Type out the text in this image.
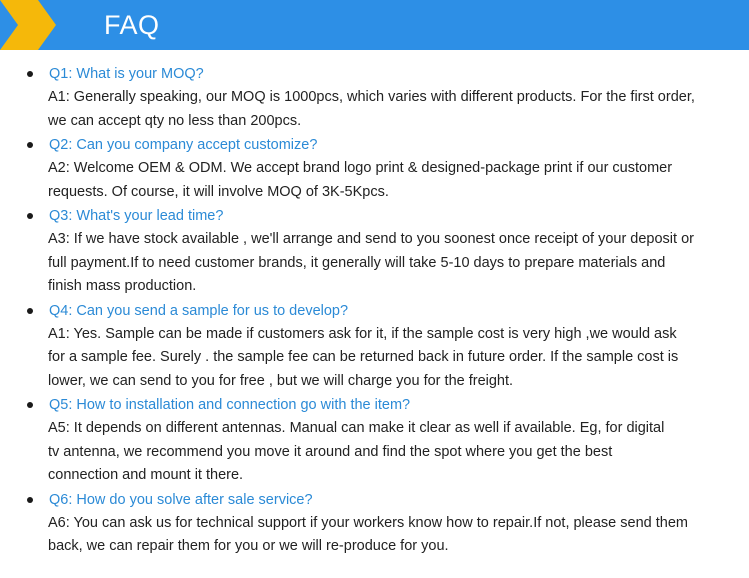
FAQ
Q1: What is your MOQ?
A1: Generally speaking, our MOQ is 1000pcs, which varies with different products. For the first order,
we can accept qty no less than 200pcs.
Q2: Can you company accept customize?
A2: Welcome OEM & ODM. We accept brand logo print & designed-package print if our customer
requests. Of course, it will involve MOQ of 3K-5Kpcs.
Q3: What's your lead time?
A3: If we have stock available , we'll arrange and send to you soonest once receipt of your deposit or
full payment.If to need customer brands, it generally will take 5-10 days to prepare materials and
finish mass production.
Q4: Can you send a sample for us to develop?
A1: Yes. Sample can be made if customers ask for it, if the sample cost is very high ,we would ask
for a sample fee. Surely . the sample fee can be returned back in future order. If the sample cost is
lower, we can send to you for free , but we will charge you for the freight.
Q5: How to installation and connection go with the item?
A5: It depends on different antennas. Manual can make it clear as well if available. Eg, for digital
tv antenna, we recommend you move it around and find the spot where you get the best
connection and mount it there.
Q6: How do you solve after sale service?
A6: You can ask us for technical support if your workers know how to repair.If not, please send them
back, we can repair them for you or we will re-produce for you.
